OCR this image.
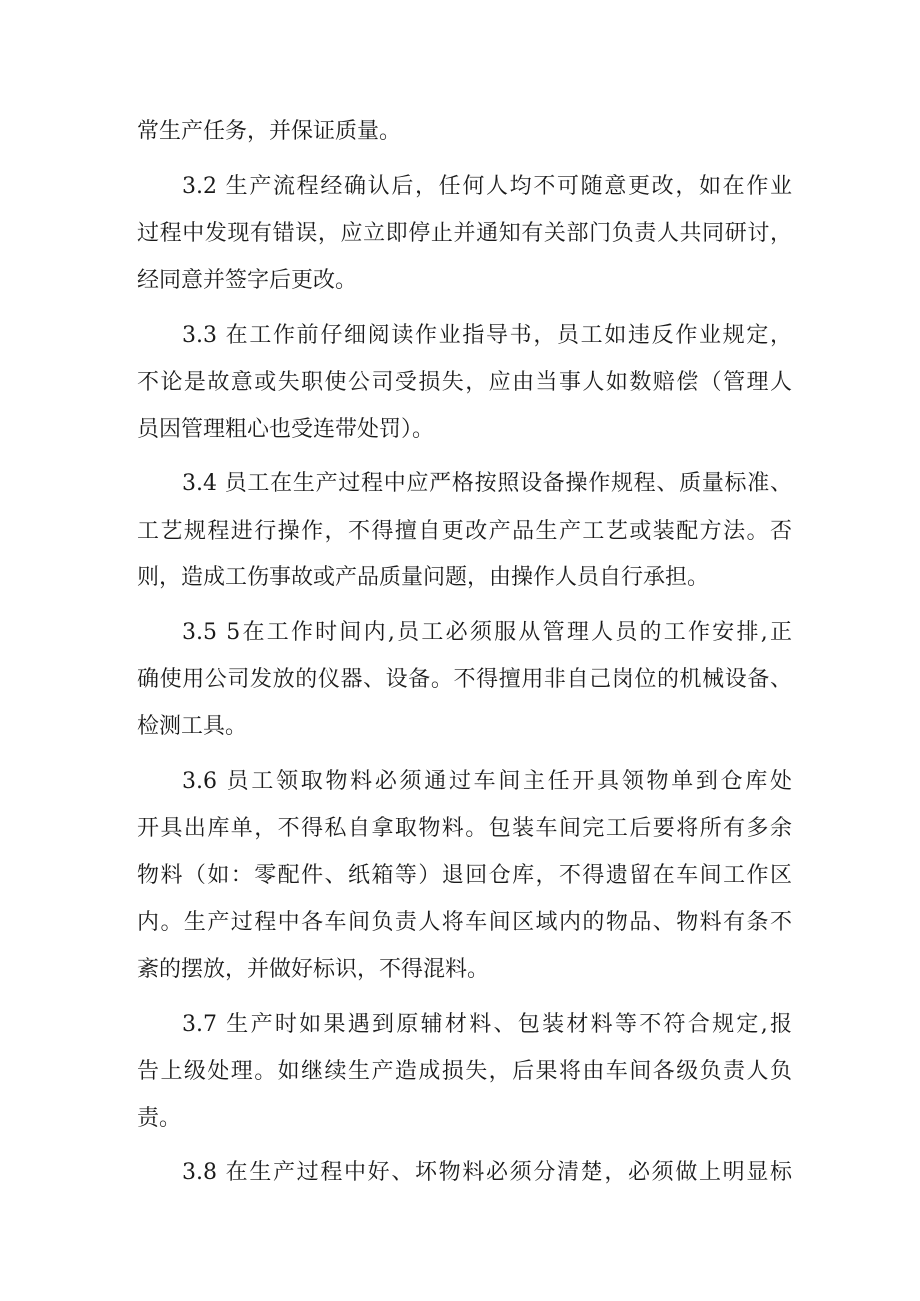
常生产任务，并保证质量。
3.2 生产流程经确认后，任何人均不可随意更改，如在作业
过程中发现有错误，应立即停止并通知有关部门负责人共同研讨，
经同意并签字后更改。
3.3 在工作前仔细阅读作业指导书，员工如违反作业规定，
不论是故意或失职使公司受损失，应由当事人如数赔偿（管理人
员因管理粗心也受连带处罚）。
3.4 员工在生产过程中应严格按照设备操作规程、质量标准、
工艺规程进行操作，不得擅自更改产品生产工艺或装配方法。否
则，造成工伤事故或产品质量问题，由操作人员自行承担。
3.5 5在工作时间内,员工必须服从管理人员的工作安排,正
确使用公司发放的仪器、设备。不得擅用非自己岗位的机械设备、
检测工具。
3.6 员工领取物料必须通过车间主任开具领物单到仓库处
开具出库单，不得私自拿取物料。包装车间完工后要将所有多余
物料（如：零配件、纸箱等）退回仓库，不得遗留在车间工作区
内。生产过程中各车间负责人将车间区域内的物品、物料有条不
紊的摆放，并做好标识，不得混料。
3.7 生产时如果遇到原辅材料、包装材料等不符合规定,报
告上级处理。如继续生产造成损失，后果将由车间各级负责人负
责。
3.8 在生产过程中好、坏物料必须分清楚，必须做上明显标
